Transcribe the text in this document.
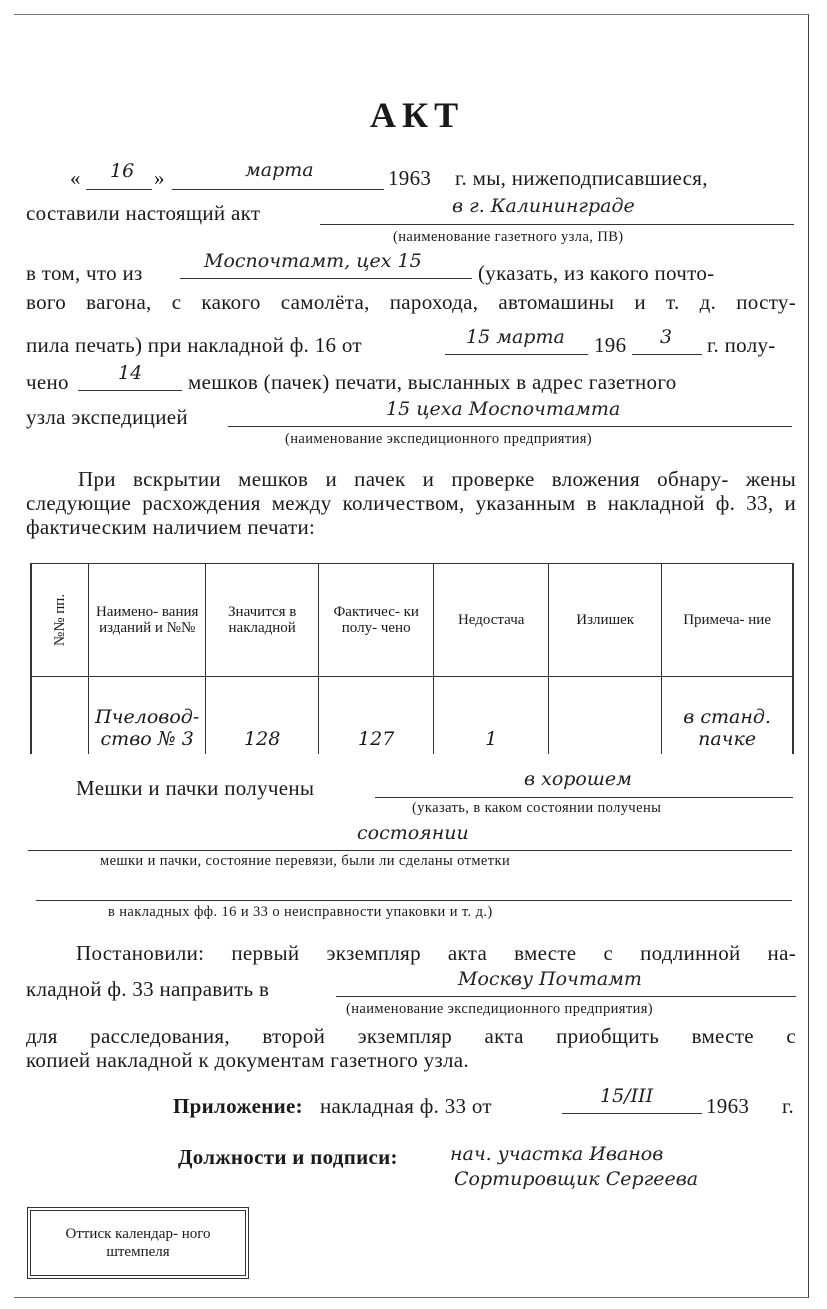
АКТ
« 16 »	марта	1963 г. мы, нижеподписавшиеся,
составили настоящий акт	в г. Калининграде
(наименование газетного узла, ПВ)
в том, что из	Моспочтамт, цех 15	(указать, из какого почто-
вого вагона, с какого самолёта, парохода, автомашины и т. д. посту-
пила печать) при накладной ф. 16 от	15 марта 196 3 г. полу-
чено	14 мешков (пачек) печати, высланных в адрес газетного
узла экспедицией	15 цеха Моспочтамта
(наименование экспедиционного предприятия)
При вскрытии мешков и пачек и проверке вложения обнару- жены следующие расхождения между количеством, указанным в накладной ф. 33, и фактическим наличием печати:
№№ пп.	Наимено- вания изданий и №№	Значится в накладной	Фактичес- ки полу- чено	Недостача	Излишек	Примеча- ние
	Пчеловод- ство № 3	128	127	1		в станд. пачке
Мешки и пачки получены	в хорошем
(указать, в каком состоянии получены
состоянии
мешки и пачки, состояние перевязи, были ли сделаны отметки
в накладных фф. 16 и 33 о неисправности упаковки и т. д.)
Постановили: первый экземпляр акта вместе с подлинной на-
кладной ф. 33 направить в	Москву Почтамт
(наименование экспедиционного предприятия)
для расследования, второй экземпляр акта приобщить вместе с
копией накладной к документам газетного узла.
Приложение: накладная ф. 33 от	15/III	1963 г.
Должности и подписи:	нач. участка Иванов
Сортировщик Сергеева
Оттиск календар- ного штемпеля
